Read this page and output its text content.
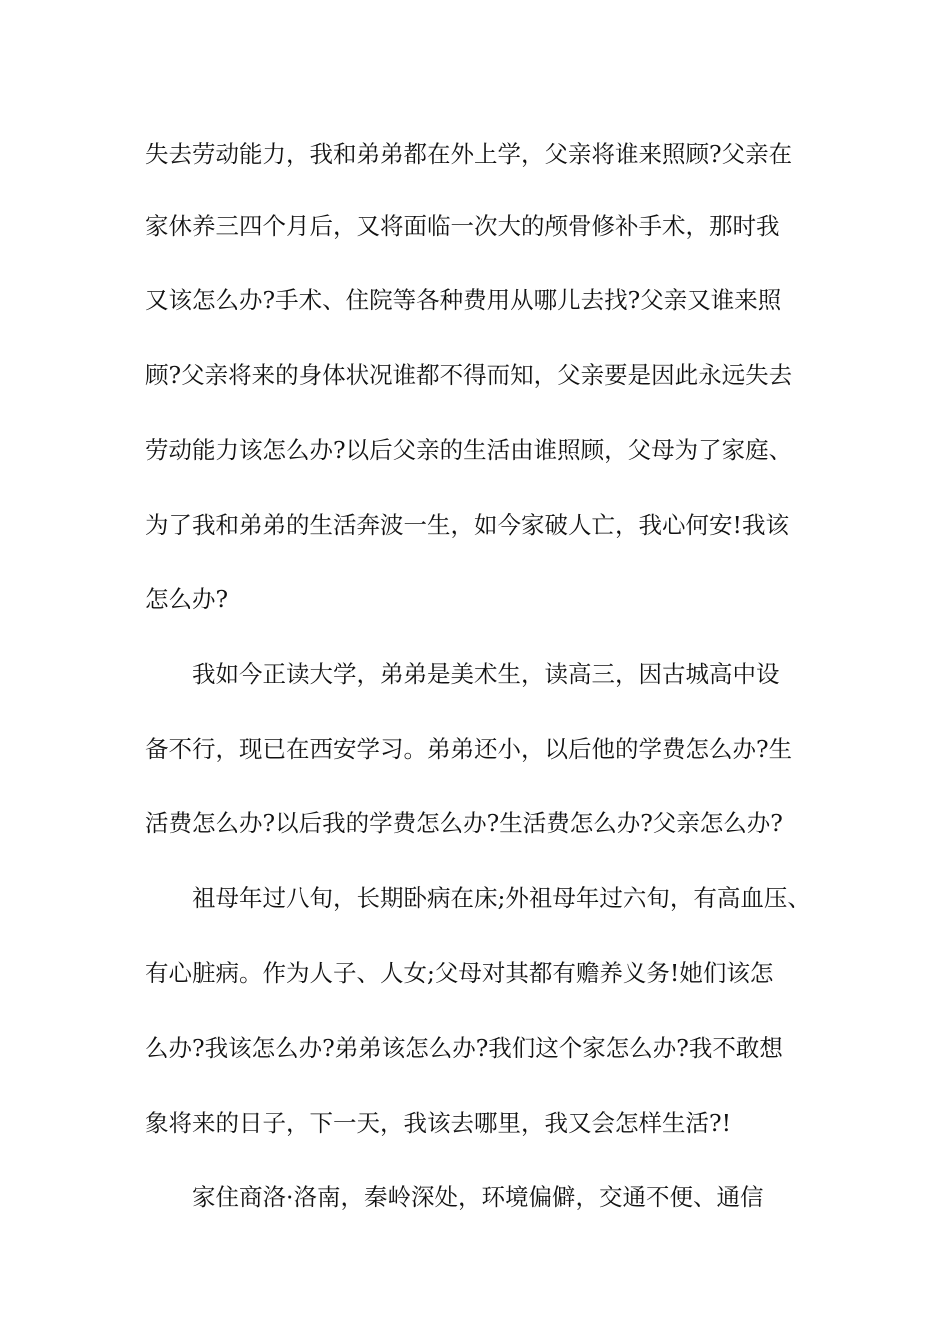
失去劳动能力，我和弟弟都在外上学，父亲将谁来照顾?父亲在
家休养三四个月后，又将面临一次大的颅骨修补手术，那时我
又该怎么办?手术、住院等各种费用从哪儿去找?父亲又谁来照
顾?父亲将来的身体状况谁都不得而知，父亲要是因此永远失去
劳动能力该怎么办?以后父亲的生活由谁照顾，父母为了家庭、
为了我和弟弟的生活奔波一生，如今家破人亡，我心何安!我该
怎么办?
我如今正读大学，弟弟是美术生，读高三，因古城高中设
备不行，现已在西安学习。弟弟还小，以后他的学费怎么办?生
活费怎么办?以后我的学费怎么办?生活费怎么办?父亲怎么办?
祖母年过八旬，长期卧病在床;外祖母年过六旬，有高血压、
有心脏病。作为人子、人女;父母对其都有赡养义务!她们该怎
么办?我该怎么办?弟弟该怎么办?我们这个家怎么办?我不敢想
象将来的日子，下一天，我该去哪里，我又会怎样生活?!
家住商洛·洛南，秦岭深处，环境偏僻，交通不便、通信
